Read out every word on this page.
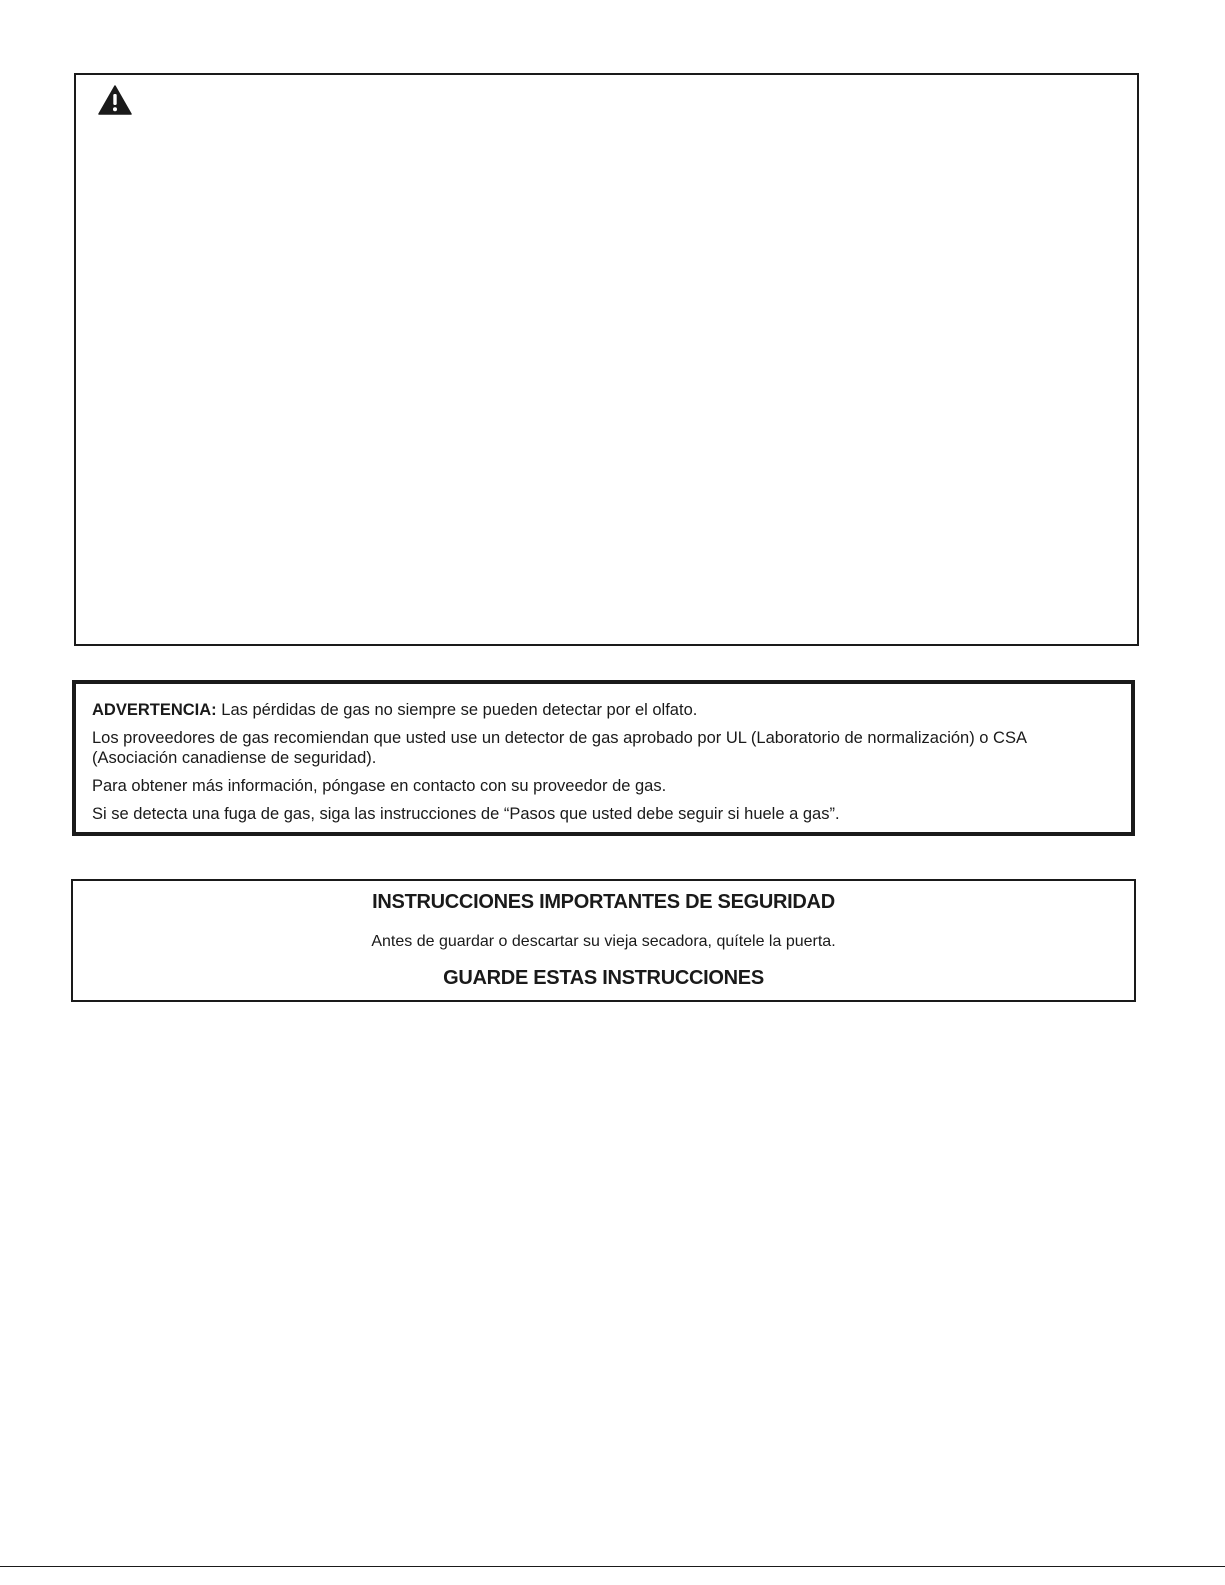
ADVERTENCIA: Las pérdidas de gas no siempre se pueden detectar por el olfato.

Los proveedores de gas recomiendan que usted use un detector de gas aprobado por UL (Laboratorio de normalización) o CSA (Asociación canadiense de seguridad).

Para obtener más información, póngase en contacto con su proveedor de gas.

Si se detecta una fuga de gas, siga las instrucciones de “Pasos que usted debe seguir si huele a gas”.

INSTRUCCIONES IMPORTANTES DE SEGURIDAD
Antes de guardar o descartar su vieja secadora, quítele la puerta.
GUARDE ESTAS INSTRUCCIONES
